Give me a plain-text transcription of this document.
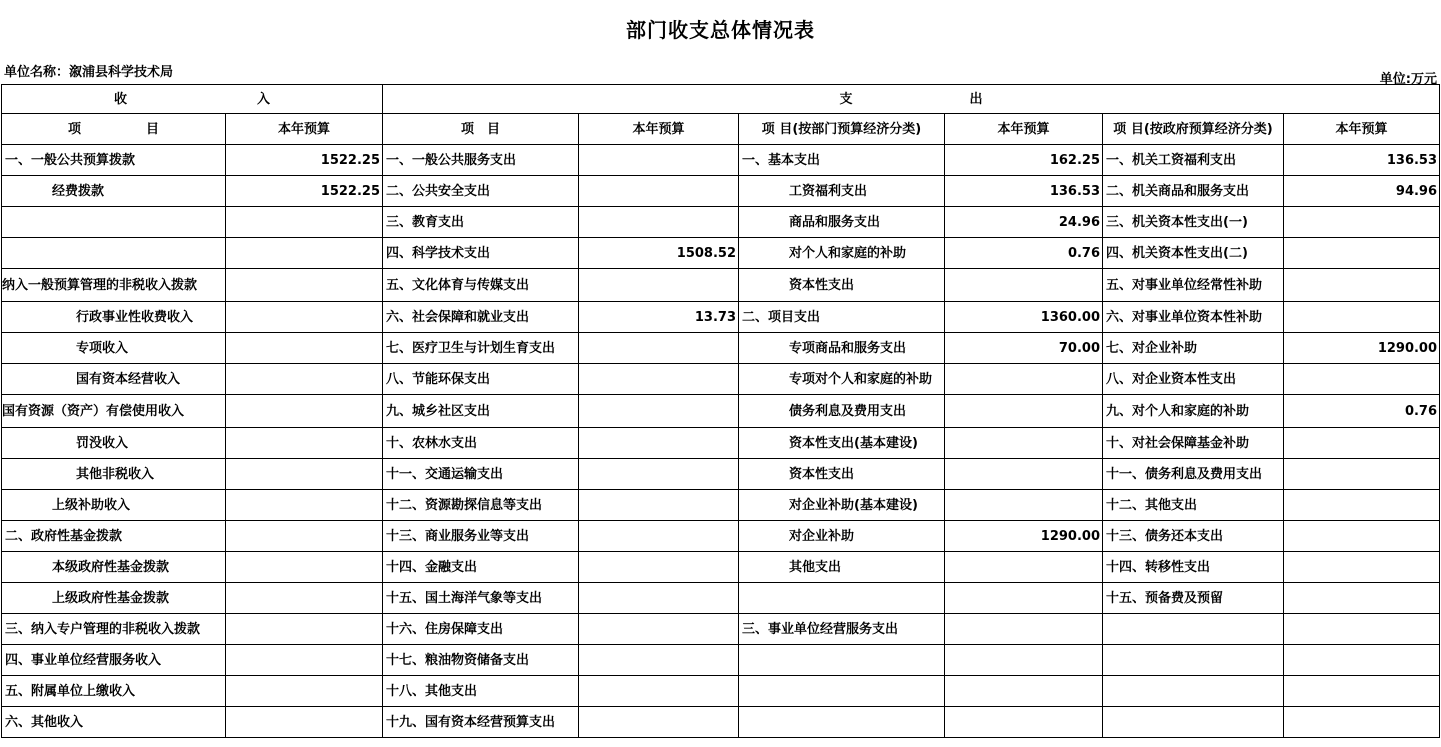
部门收支总体情况表
单位名称：溆浦县科学技术局	单位:万元
收　　　　　　　　　　入		支　　　　　　　　　出					
项　　　　　目	本年预算	项　目	本年预算	项 目(按部门预算经济分类)	本年预算	项 目(按政府预算经济分类)	本年预算
一、一般公共预算拨款	1522.25	一、一般公共服务支出		一、基本支出	162.25	一、机关工资福利支出	136.53
经费拨款	1522.25	二、公共安全支出		工资福利支出	136.53	二、机关商品和服务支出	94.96
		三、教育支出		商品和服务支出	24.96	三、机关资本性支出(一)	
		四、科学技术支出	1508.52	对个人和家庭的补助	0.76	四、机关资本性支出(二)	
纳入一般预算管理的非税收入拨款		五、文化体育与传媒支出		资本性支出		五、对事业单位经常性补助	
行政事业性收费收入		六、社会保障和就业支出	13.73	二、项目支出	1360.00	六、对事业单位资本性补助	
专项收入		七、医疗卫生与计划生育支出		专项商品和服务支出	70.00	七、对企业补助	1290.00
国有资本经营收入		八、节能环保支出		专项对个人和家庭的补助		八、对企业资本性支出	
国有资源（资产）有偿使用收入		九、城乡社区支出		债务利息及费用支出		九、对个人和家庭的补助	0.76
罚没收入		十、农林水支出		资本性支出(基本建设)		十、对社会保障基金补助	
其他非税收入		十一、交通运输支出		资本性支出		十一、债务利息及费用支出	
上级补助收入		十二、资源勘探信息等支出		对企业补助(基本建设)		十二、其他支出	
二、政府性基金拨款		十三、商业服务业等支出		对企业补助	1290.00	十三、债务还本支出	
本级政府性基金拨款		十四、金融支出		其他支出		十四、转移性支出	
上级政府性基金拨款		十五、国土海洋气象等支出				十五、预备费及预留	
三、纳入专户管理的非税收入拨款		十六、住房保障支出		三、事业单位经营服务支出			
四、事业单位经营服务收入		十七、粮油物资储备支出					
五、附属单位上缴收入		十八、其他支出					
六、其他收入		十九、国有资本经营预算支出					
